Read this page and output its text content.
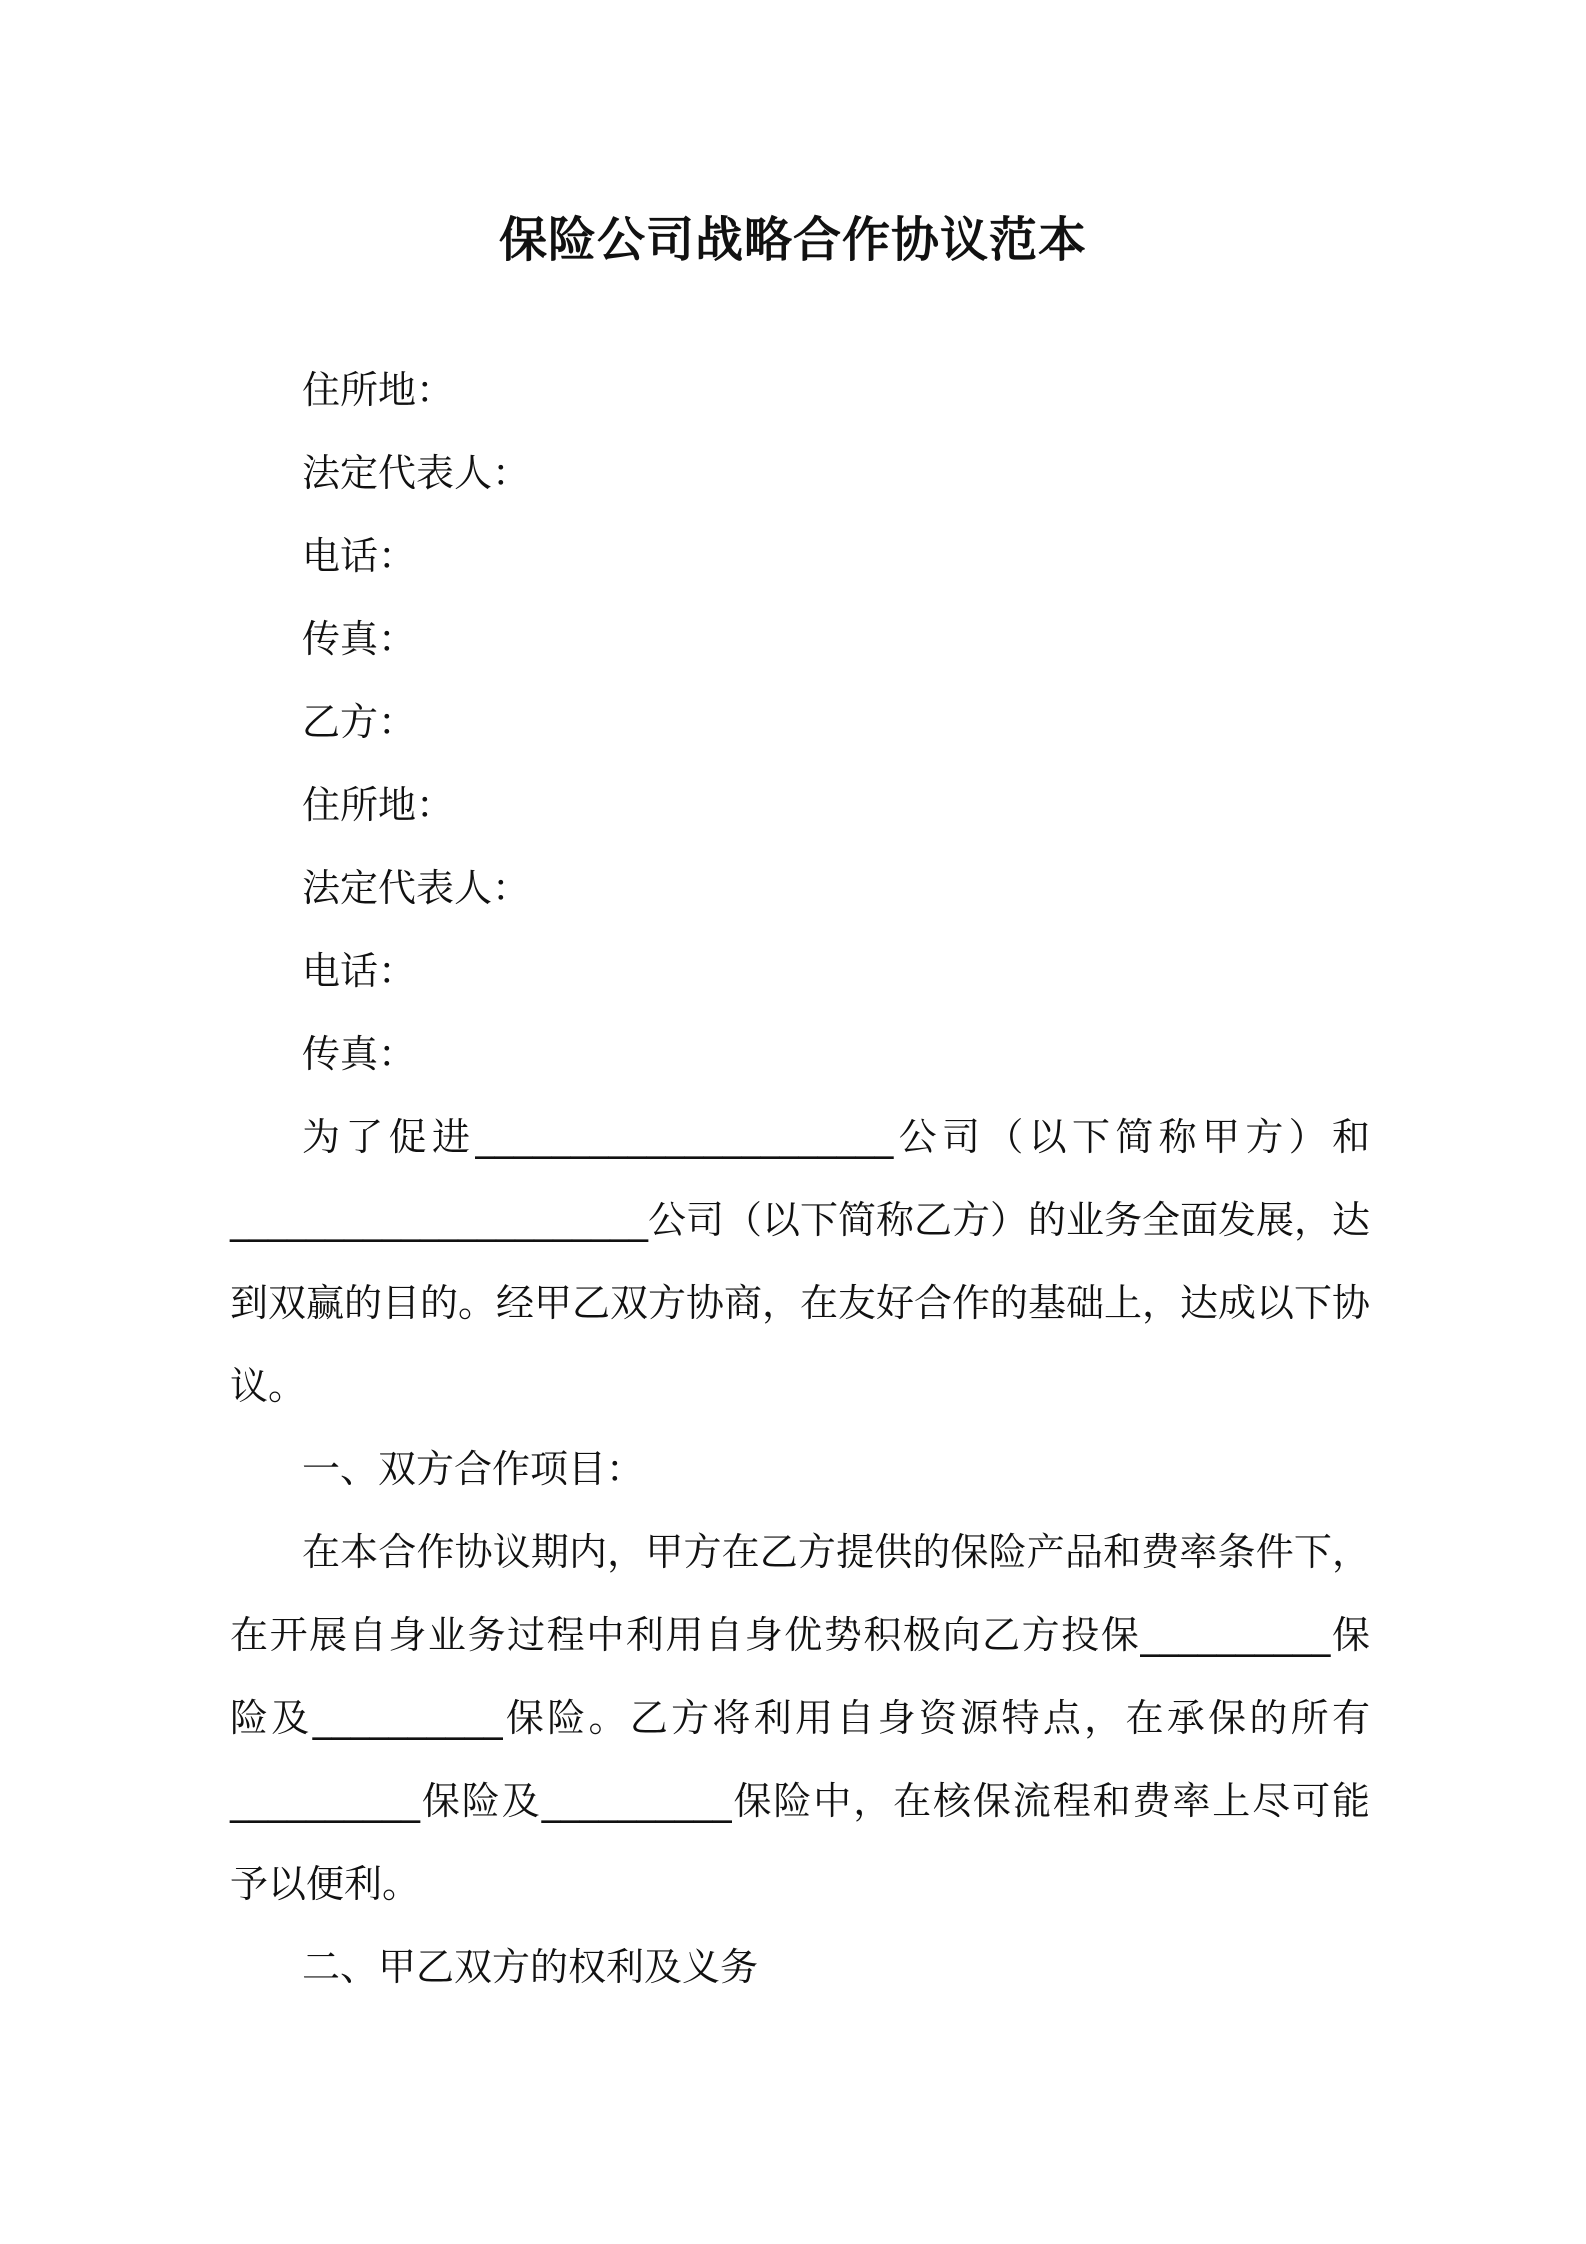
保险公司战略合作协议范本
住所地：
法定代表人：
电话：
传真：
乙方：
住所地：
法定代表人：
电话：
传真：
为了促进______________________公司（以下简称甲方）和
______________________公司（以下简称乙方）的业务全面发展，达
到双赢的目的。经甲乙双方协商，在友好合作的基础上，达成以下协
议。
一、双方合作项目：
在本合作协议期内，甲方在乙方提供的保险产品和费率条件下，
在开展自身业务过程中利用自身优势积极向乙方投保__________保
险及__________保险。乙方将利用自身资源特点，在承保的所有
__________保险及__________保险中，在核保流程和费率上尽可能
予以便利。
二、甲乙双方的权利及义务
